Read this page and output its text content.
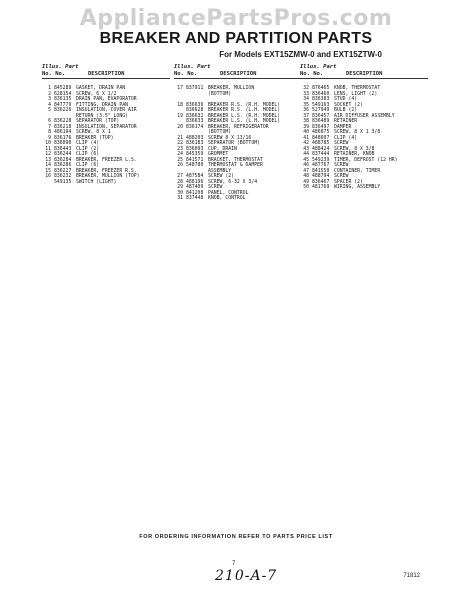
AppliancePartsPros.com
BREAKER AND PARTITION PARTS
For Models EXT15ZMW-0 and EXT15ZTW-0
Illus. Part
No. No.	DESCRIPTION
1 845289 GASKET, DRAIN PAN
2 628154 SCREW, 6 X 1/2
3 836135 DRAIN PAN, EVAPORATOR
4 847779 FITTING, DRAIN PAN
5 836226 INSULATION, COVER AIR
RETURN (3.5" LONG)
6 836228 SEPARATOR (TOP)
7 836218 INSULATION, SEPARATOR
8 486194 SCREW, 8 X 1
9 836176 BREAKER (TOP)
10 836090 CLIP (4)
11 836443 CLIP (2)
12 836244 CLIP (6)
13 836284 BREAKER, FREEZER L.S.
14 836286 CLIP (6)
15 836227 BREAKER, FREEZER R.S.
16 836232 BREAKER, MULLION (TOP)
549135 SWITCH (LIGHT)
Illus. Part
No. No.	DESCRIPTION
17 837911 BREAKER, MULLION
(BOTTOM)
18 836639 BREAKER R.S. (R.H. MODEL)
836628 BREAKER R.S. (L.H. MODEL)
19 836632 BREAKER L.S. (R.H. MODEL)
836633 BREAKER L.S. (L.H. MODEL)
20 836174 BREAKER, REFRIGERATOR
(BOTTOM)
21 488203 SCREW 8 X 13/16
22 836183 SEPARATOR (BOTTOM)
23 836093 CUP, DRAIN
24 845359 GROMMET
25 841571 BRACKET, THERMOSTAT
26 548780 THERMOSTAT & DAMPER
ASSEMBLY
27 487584 SCREW (2)
28 488196 SCREW, 6-32 X 3/4
29 487409 SCREW
30 841208 PANEL, CONTROL
31 837448 KNOB, CONTROL
Illus. Part
No. No.	DESCRIPTION
32 876465 KNOB, THERMOSTAT
33 836460 LENS, LIGHT (2)
34 836383 STUD (4)
35 549163 SOCKET (2)
36 527949 BULB (2)
37 836457 AIR DIFFUSER ASSEMBLY
38 836489 RETAINER
39 836497 DAMPER
40 486075 SCREW, 8 X 1 3/8
41 848607 CLIP (4)
42 488785 SCREW
43 488424 SCREW, 8 X 3/8
44 837444 RETAINER, KNOB
45 549239 TIMER, DEFROST (12 HR)
46 487767 SCREW
47 841550 CONTAINER, TIMER
48 488794 SCREW
49 836467 SPACER (2)
50 481769 WIRING, ASSEMBLY
FOR ORDERING INFORMATION REFER TO PARTS PRICE LIST
7
210-A-7	71812
